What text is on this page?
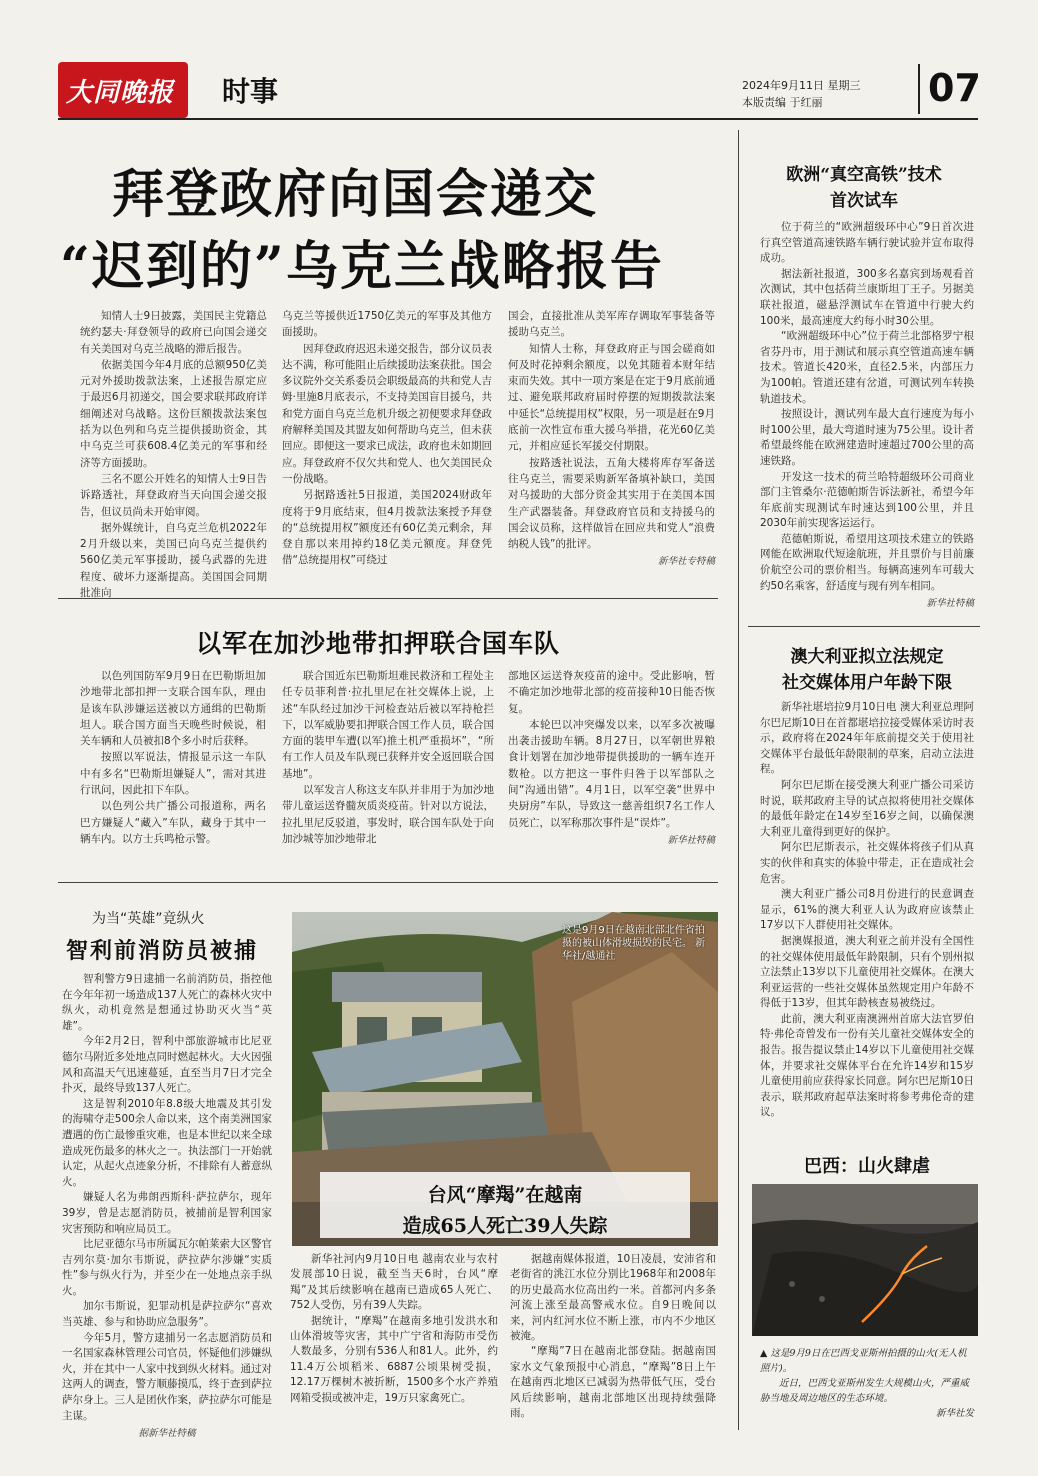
大同晚报 时事	2024年9月11日 星期三
本版责编 于红丽	07
拜登政府向国会递交
“迟到的”乌克兰战略报告

知情人士9日披露，美国民主党籍总统约瑟夫·拜登领导的政府已向国会递交有关美国对乌克兰战略的滞后报告。

依据美国今年4月底的总额950亿美元对外援助拨款法案，上述报告原定应于最迟6月初递交，国会要求联邦政府详细阐述对乌战略。这份巨额拨款法案包括为以色列和乌克兰提供援助资金，其中乌克兰可获608.4亿美元的军事和经济等方面援助。

三名不愿公开姓名的知情人士9日告诉路透社，拜登政府当天向国会递交报告，但议员尚未开始审阅。

据外媒统计，自乌克兰危机2022年2月升级以来，美国已向乌克兰提供约560亿美元军事援助，援乌武器的先进程度、破坏力逐渐提高。美国国会同期批准向

乌克兰等援供近1750亿美元的军事及其他方面援助。

因拜登政府迟迟未递交报告，部分议员表达不满，称可能阻止后续援助法案获批。国会多议院外交关系委员会职级最高的共和党人吉姆·里施8月底表示，不支持美国盲目援乌，共和党方面自乌克兰危机升级之初便要求拜登政府解释美国及其盟友如何帮助乌克兰，但未获回应。即便这一要求已成法，政府也未如期回应。拜登政府不仅欠共和党人、也欠美国民众一份战略。

另据路透社5日报道，美国2024财政年度将于9月底结束，但4月拨款法案授予拜登的“总统提用权”额度还有60亿美元剩余，拜登自那以来用掉约18亿美元额度。拜登凭借“总统提用权”可绕过

国会，直接批准从美军库存调取军事装备等援助乌克兰。

知情人士称，拜登政府正与国会磋商如何及时花掉剩余额度，以免其随着本财年结束而失效。其中一项方案是在定于9月底前通过、避免联邦政府届时停摆的短期拨款法案中延长“总统提用权”权限，另一项是赶在9月底前一次性宣布重大援乌举措，花光60亿美元，并相应延长军援交付期限。

按路透社说法，五角大楼将库存军备送往乌克兰，需要采购新军备填补缺口，美国对乌援助的大部分资金其实用于在美国本国生产武器装备。拜登政府官员和支持援乌的国会议员称，这样做旨在回应共和党人“浪费纳税人钱”的批评。

新华社专特稿
以军在加沙地带扣押联合国车队

以色列国防军9月9日在巴勒斯坦加沙地带北部扣押一支联合国车队，理由是该车队涉嫌运送被以方通缉的巴勒斯坦人。联合国方面当天晚些时候说，相关车辆和人员被扣8个多小时后获释。

按照以军说法，情报显示这一车队中有多名“巴勒斯坦嫌疑人”，需对其进行讯问，因此扣下车队。

以色列公共广播公司报道称，两名巴方嫌疑人“藏入”车队，藏身于其中一辆车内。以方士兵鸣枪示警。

联合国近东巴勒斯坦难民救济和工程处主任专员菲利普·拉扎里尼在社交媒体上说，上述“车队经过加沙干河检查站后被以军持枪拦下，以军威胁要扣押联合国工作人员，联合国方面的装甲车遭(以军)推土机严重损坏”，“所有工作人员及车队现已获释并安全返回联合国基地”。

以军发言人称这支车队并非用于为加沙地带儿童运送脊髓灰质炎疫苗。针对以方说法，拉扎里尼反驳道，事发时，联合国车队处于向加沙城等加沙地带北

部地区运送脊灰疫苗的途中。受此影响，暂不确定加沙地带北部的疫苗接种10日能否恢复。

本轮巴以冲突爆发以来，以军多次被曝出袭击援助车辆。8月27日，以军朝世界粮食计划署在加沙地带提供援助的一辆车连开数枪。以方把这一事件归咎于以军部队之间“沟通出错”。4月1日，以军空袭“世界中央厨房”车队，导致这一慈善组织7名工作人员死亡，以军称那次事件是“误炸”。

新华社特稿
为当“英雄”竟纵火
智利前消防员被捕

智利警方9日逮捕一名前消防员，指控他在今年年初一场造成137人死亡的森林火灾中纵火，动机竟然是想通过协助灭火当“英雄”。

今年2月2日，智利中部旅游城市比尼亚德尔马附近多处地点同时燃起林火。大火因强风和高温天气迅速蔓延，直至当月7日才完全扑灭，最终导致137人死亡。

这是智利2010年8.8级大地震及其引发的海啸夺走500余人命以来，这个南美洲国家遭遇的伤亡最惨重灾难，也是本世纪以来全球造成死伤最多的林火之一。执法部门一开始就认定，从起火点迹象分析，不排除有人蓄意纵火。

嫌疑人名为弗朗西斯科·萨拉萨尔，现年39岁，曾是志愿消防员，被捕前是智利国家灾害预防和响应局员工。

比尼亚德尔马市所属瓦尔帕莱索大区警官吉列尔莫·加尔韦斯说，萨拉萨尔涉嫌“实质性”参与纵火行为，并至少在一处地点亲手纵火。

加尔韦斯说，犯罪动机是萨拉萨尔“喜欢当英雄、参与和协助应急服务”。

今年5月，警方逮捕另一名志愿消防员和一名国家森林管理公司官员，怀疑他们涉嫌纵火，并在其中一人家中找到纵火材料。通过对这两人的调查，警方顺藤摸瓜，终于查到萨拉萨尔身上。三人是团伙作案，萨拉萨尔可能是主谋。

据新华社特稿
这是9月9日在越南北部北件省拍摄的被山体滑坡损毁的民宅。 新华社/越通社
台风“摩羯”在越南
造成65人死亡39人失踪

新华社河内9月10日电 越南农业与农村发展部10日说，截至当天6时，台风“摩羯”及其后续影响在越南已造成65人死亡、752人受伤，另有39人失踪。

据统计，“摩羯”在越南多地引发洪水和山体滑坡等灾害，其中广宁省和海防市受伤人数最多，分别有536人和81人。此外，约11.4万公顷稻米、6887公顷果树受损，12.17万棵树木被折断，1500多个水产养殖网箱受损或被冲走，19万只家禽死亡。

据越南媒体报道，10日凌晨，安沛省和老街省的洮江水位分别比1968年和2008年的历史最高水位高出约一米。首都河内多条河流上涨至最高警戒水位。自9日晚间以来，河内红河水位不断上涨，市内不少地区被淹。

“摩羯”7日在越南北部登陆。据越南国家水文气象预报中心消息，“摩羯”8日上午在越南西北地区已减弱为热带低气压，受台风后续影响，越南北部地区出现持续强降雨。

欧洲“真空高铁”技术
首次试车

位于荷兰的“欧洲超级环中心”9日首次进行真空管道高速铁路车辆行驶试验并宣布取得成功。

据法新社报道，300多名嘉宾到场观看首次测试，其中包括荷兰康斯坦丁王子。另据美联社报道，磁悬浮测试车在管道中行驶大约100米，最高速度大约每小时30公里。

“欧洲超级环中心”位于荷兰北部格罗宁根省芬丹市，用于测试和展示真空管道高速车辆技术。管道长420米，直径2.5米，内部压力为100帕。管道还建有岔道，可测试列车转换轨道技术。

按照设计，测试列车最大直行速度为每小时100公里，最大弯道时速为75公里。设计者希望最终能在欧洲建造时速超过700公里的高速铁路。

开发这一技术的荷兰哈特超级环公司商业部门主管桑尔·范德帕斯告诉法新社，希望今年年底前实现测试车时速达到100公里，并且2030年前实现客运运行。

范德帕斯说，希望用这项技术建立的铁路网能在欧洲取代短途航班，并且票价与目前廉价航空公司的票价相当。每辆高速列车可载大约50名乘客，舒适度与现有列车相同。

新华社特稿
澳大利亚拟立法规定
社交媒体用户年龄下限

新华社堪培拉9月10日电 澳大利亚总理阿尔巴尼斯10日在首都堪培拉接受媒体采访时表示，政府将在2024年年底前提交关于使用社交媒体平台最低年龄限制的草案，启动立法进程。

阿尔巴尼斯在接受澳大利亚广播公司采访时说，联邦政府主导的试点拟将使用社交媒体的最低年龄定在14岁至16岁之间，以确保澳大利亚儿童得到更好的保护。

阿尔巴尼斯表示，社交媒体将孩子们从真实的伙伴和真实的体验中带走，正在造成社会危害。

澳大利亚广播公司8月份进行的民意调查显示，61%的澳大利亚人认为政府应该禁止17岁以下人群使用社交媒体。

据澳媒报道，澳大利亚之前并没有全国性的社交媒体使用最低年龄限制，只有个别州拟立法禁止13岁以下儿童使用社交媒体。在澳大利亚运营的一些社交媒体虽然规定用户年龄不得低于13岁，但其年龄核查易被绕过。

此前，澳大利亚南澳洲州首席大法官罗伯特·弗伦奇曾发布一份有关儿童社交媒体安全的报告。报告提议禁止14岁以下儿童使用社交媒体，并要求社交媒体平台在允许14岁和15岁儿童使用前应获得家长同意。阿尔巴尼斯10日表示，联邦政府起草法案时将参考弗伦奇的建议。

巴西：山火肆虐
▲ 这是9月9日在巴西戈亚斯州拍摄的山火(无人机照片)。
近日，巴西戈亚斯州发生大规模山火，严重威胁当地及周边地区的生态环境。
新华社发
